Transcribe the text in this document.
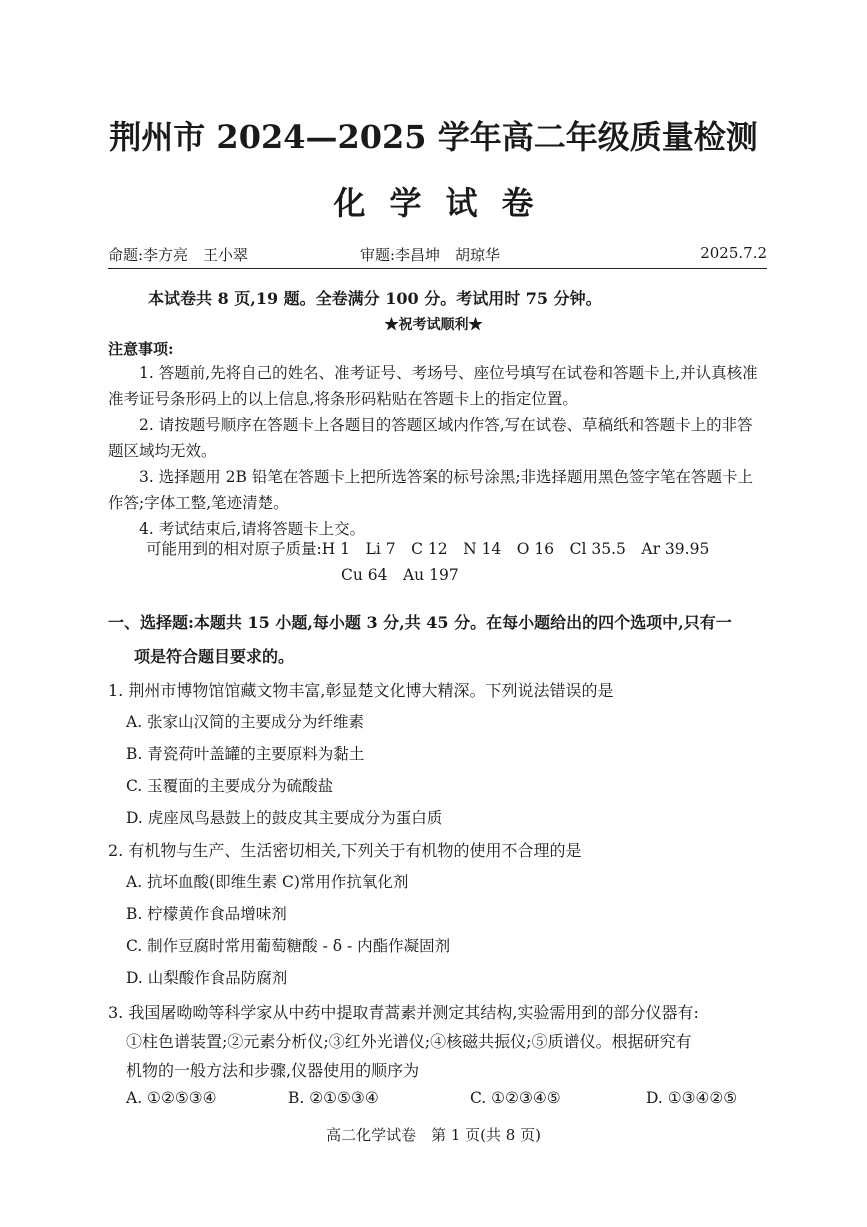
荆州市 2024—2025 学年高二年级质量检测
化学试卷
命题:李方亮　王小翠	审题:李昌坤　胡琼华	2025.7.2
本试卷共 8 页,19 题。全卷满分 100 分。考试用时 75 分钟。
★祝考试顺利★
注意事项:
1. 答题前,先将自己的姓名、准考证号、考场号、座位号填写在试卷和答题卡上,并认真核准准考证号条形码上的以上信息,将条形码粘贴在答题卡上的指定位置。
2. 请按题号顺序在答题卡上各题目的答题区域内作答,写在试卷、草稿纸和答题卡上的非答题区域均无效。
3. 选择题用 2B 铅笔在答题卡上把所选答案的标号涂黑;非选择题用黑色签字笔在答题卡上作答;字体工整,笔迹清楚。
4. 考试结束后,请将答题卡上交。
可能用到的相对原子质量:H 1　Li 7　C 12　N 14　O 16　Cl 35.5　Ar 39.95
Cu 64　Au 197
一、选择题:本题共 15 小题,每小题 3 分,共 45 分。在每小题给出的四个选项中,只有一
项是符合题目要求的。
1. 荆州市博物馆馆藏文物丰富,彰显楚文化博大精深。下列说法错误的是
A. 张家山汉简的主要成分为纤维素
B. 青瓷荷叶盖罐的主要原料为黏土
C. 玉覆面的主要成分为硫酸盐
D. 虎座凤鸟悬鼓上的鼓皮其主要成分为蛋白质
2. 有机物与生产、生活密切相关,下列关于有机物的使用不合理的是
A. 抗坏血酸(即维生素 C)常用作抗氧化剂
B. 柠檬黄作食品增味剂
C. 制作豆腐时常用葡萄糖酸 - δ - 内酯作凝固剂
D. 山梨酸作食品防腐剂
3. 我国屠呦呦等科学家从中药中提取青蒿素并测定其结构,实验需用到的部分仪器有:
①柱色谱装置;②元素分析仪;③红外光谱仪;④核磁共振仪;⑤质谱仪。根据研究有
机物的一般方法和步骤,仪器使用的顺序为
A. ①②⑤③④	B. ②①⑤③④	C. ①②③④⑤	D. ①③④②⑤
高二化学试卷　第 1 页(共 8 页)
